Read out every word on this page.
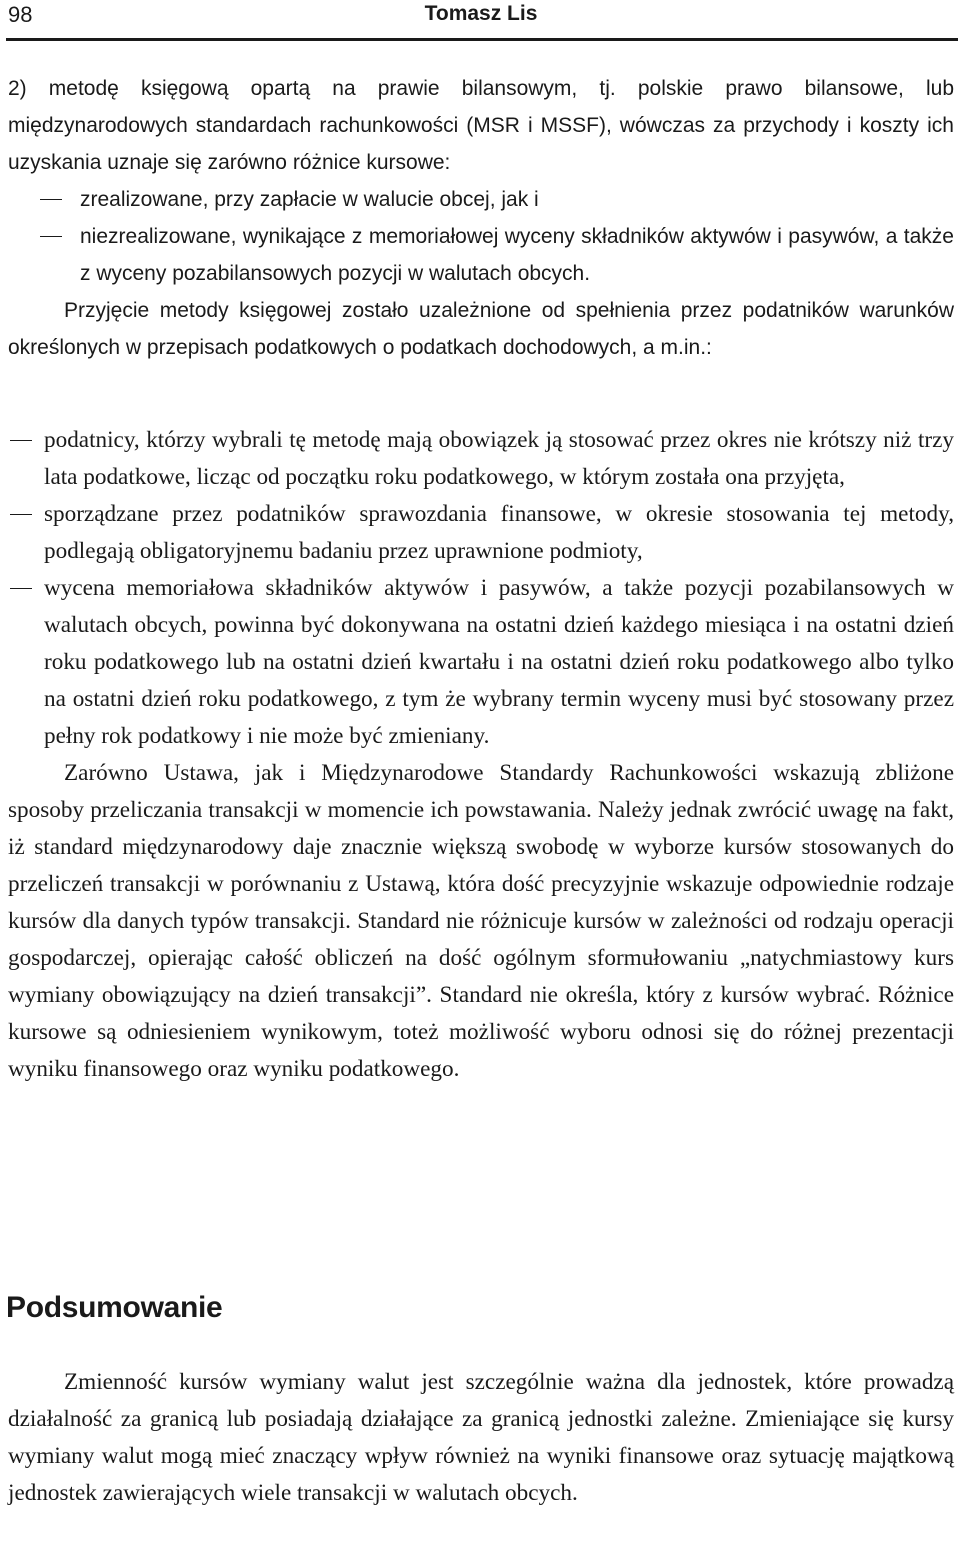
98	Tomasz Lis

2) metodę księgową opartą na prawie bilansowym, tj. polskie prawo bilansowe, lub międzynarodowych standardach rachunkowości (MSR i MSSF), wówczas za przychody i koszty ich uzyskania uznaje się zarówno różnice kursowe:

zrealizowane, przy zapłacie w walucie obcej, jak i
niezrealizowane, wynikające z memoriałowej wyceny składników aktywów i pasywów, a także z wyceny pozabilansowych pozycji w walutach obcych.

Przyjęcie metody księgowej zostało uzależnione od spełnienia przez podatników warunków określonych w przepisach podatkowych o podatkach dochodowych, a m.in.:

podatnicy, którzy wybrali tę metodę mają obowiązek ją stosować przez okres nie krótszy niż trzy lata podatkowe, licząc od początku roku podatkowego, w którym została ona przyjęta,
sporządzane przez podatników sprawozdania finansowe, w okresie stosowania tej metody, podlegają obligatoryjnemu badaniu przez uprawnione podmioty,
wycena memoriałowa składników aktywów i pasywów, a także pozycji pozabilansowych w walutach obcych, powinna być dokonywana na ostatni dzień każdego miesiąca i na ostatni dzień roku podatkowego lub na ostatni dzień kwartału i na ostatni dzień roku podatkowego albo tylko na ostatni dzień roku podatkowego, z tym że wybrany termin wyceny musi być stosowany przez pełny rok podatkowy i nie może być zmieniany.

Zarówno Ustawa, jak i Międzynarodowe Standardy Rachunkowości wskazują zbliżone sposoby przeliczania transakcji w momencie ich powstawania. Należy jednak zwrócić uwagę na fakt, iż standard międzynarodowy daje znacznie większą swobodę w wyborze kursów stosowanych do przeliczeń transakcji w porównaniu z Ustawą, która dość precyzyjnie wskazuje odpowiednie rodzaje kursów dla danych typów transakcji. Standard nie różnicuje kursów w zależności od rodzaju operacji gospodarczej, opierając całość obliczeń na dość ogólnym sformułowaniu „natychmiastowy kurs wymiany obowiązujący na dzień transakcji”. Standard nie określa, który z kursów wybrać. Różnice kursowe są odniesieniem wynikowym, toteż możliwość wyboru odnosi się do różnej prezentacji wyniku finansowego oraz wyniku podatkowego.

Podsumowanie

Zmienność kursów wymiany walut jest szczególnie ważna dla jednostek, które prowadzą działalność za granicą lub posiadają działające za granicą jednostki zależne. Zmieniające się kursy wymiany walut mogą mieć znaczący wpływ również na wyniki finansowe oraz sytuację majątkową jednostek zawierających wiele transakcji w walutach obcych.
